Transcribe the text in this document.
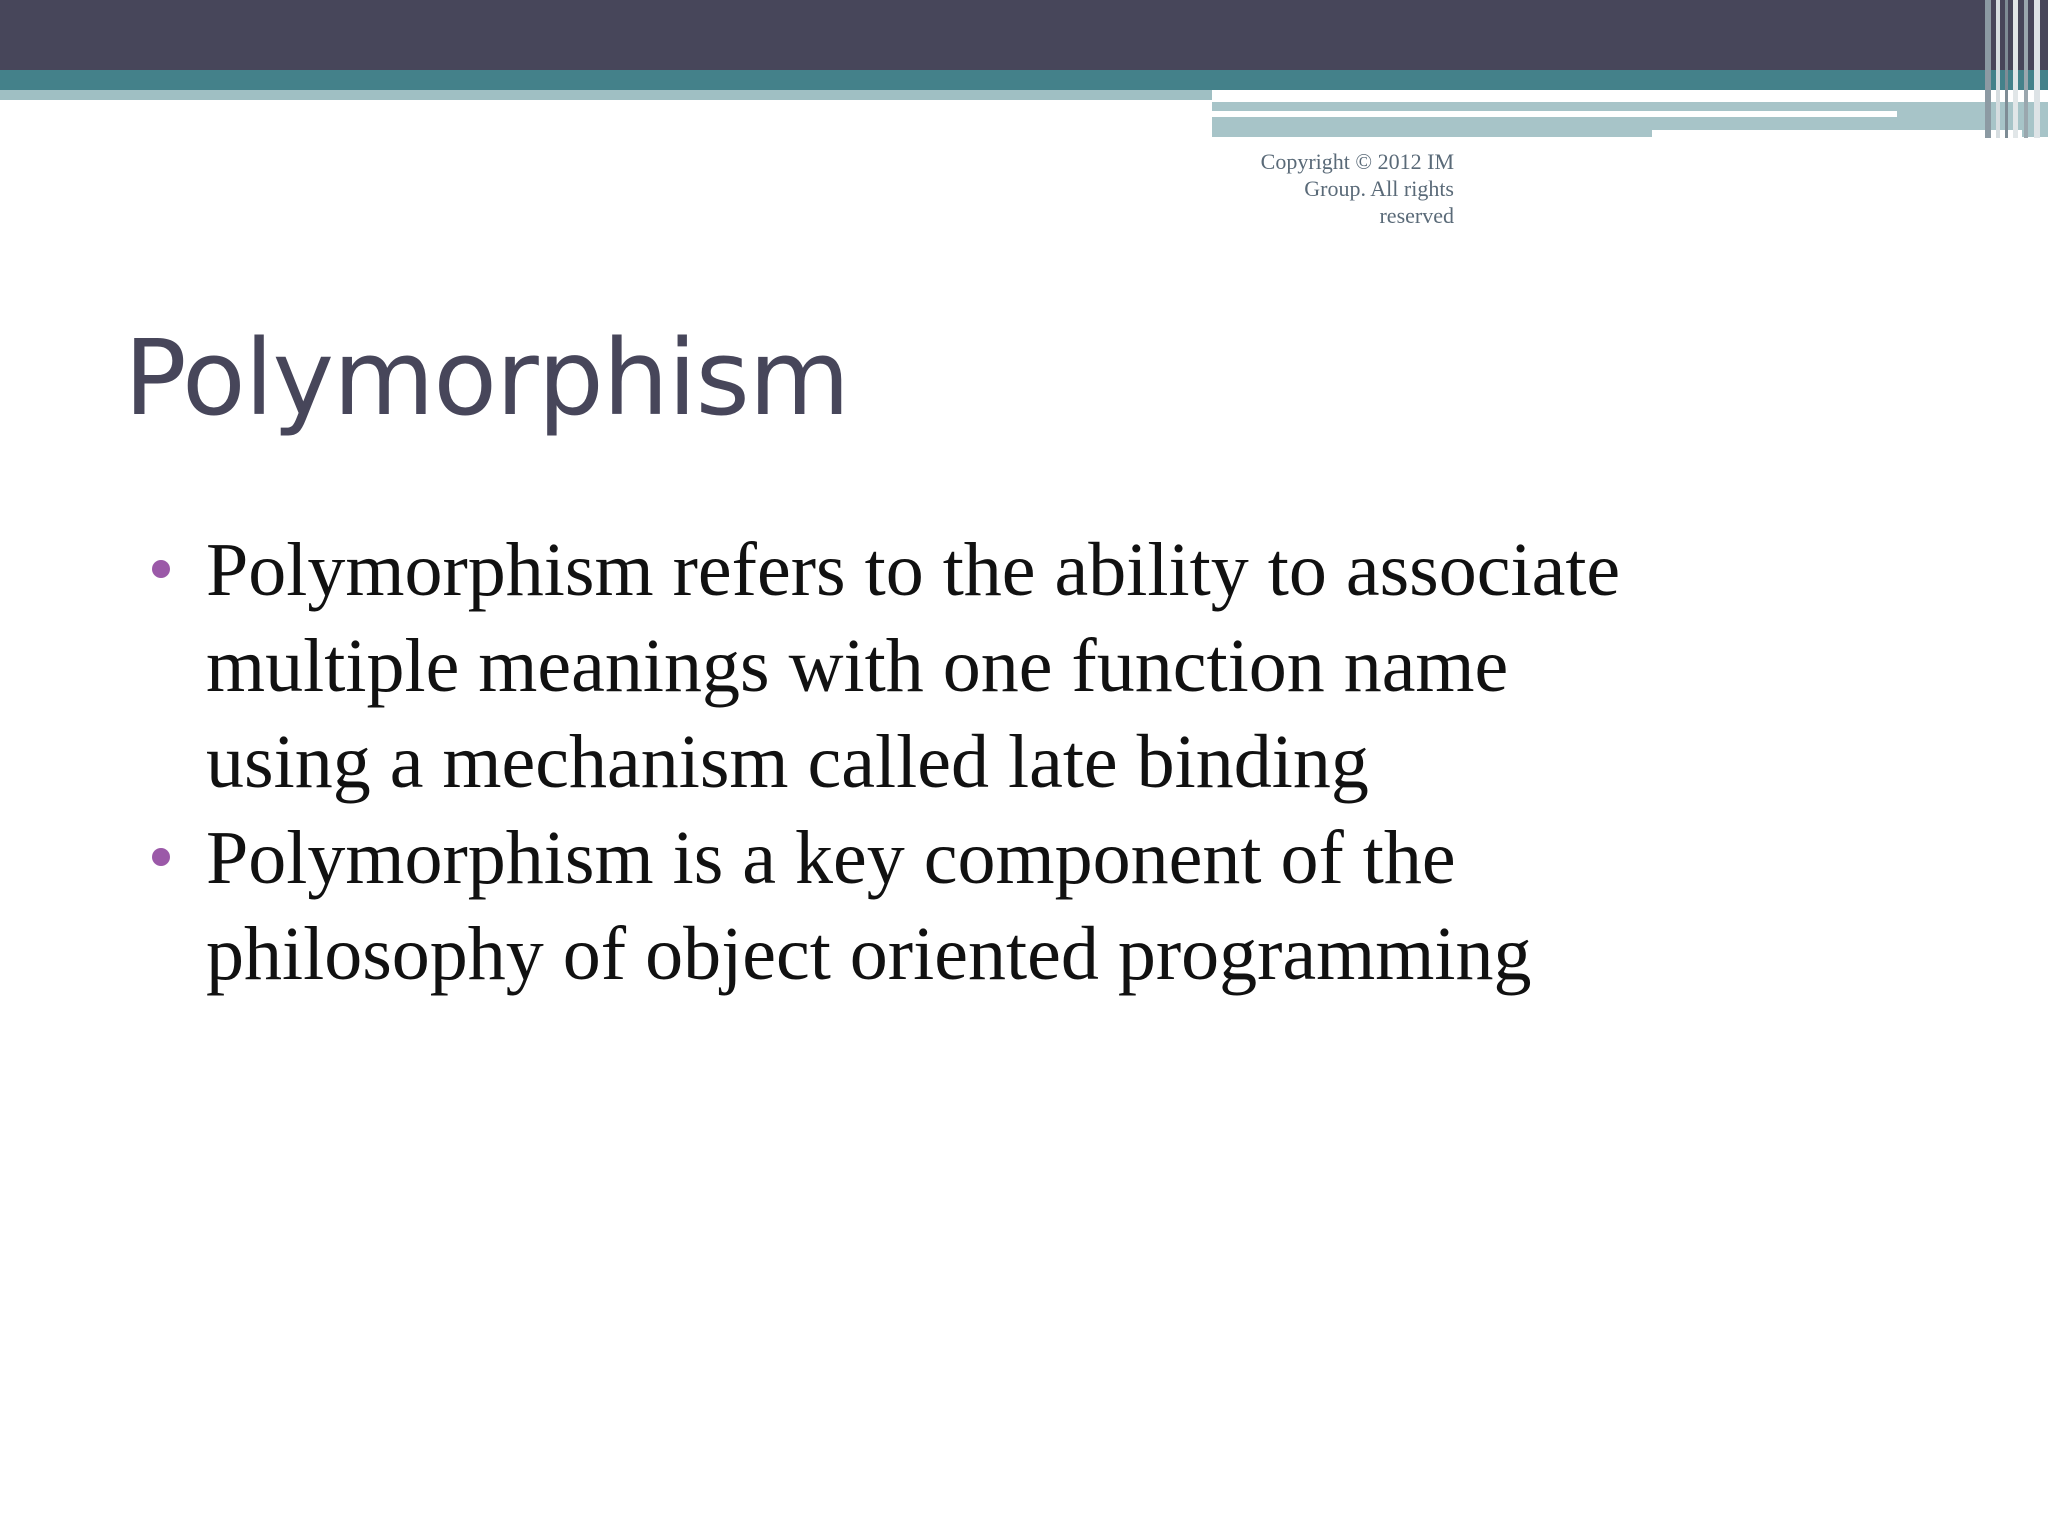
Copyright © 2012 IM
Group. All rights
reserved
Polymorphism
Polymorphism refers to the ability to associate
multiple meanings with one function name
using a mechanism called late binding
Polymorphism is a key component of the
philosophy of object oriented programming
